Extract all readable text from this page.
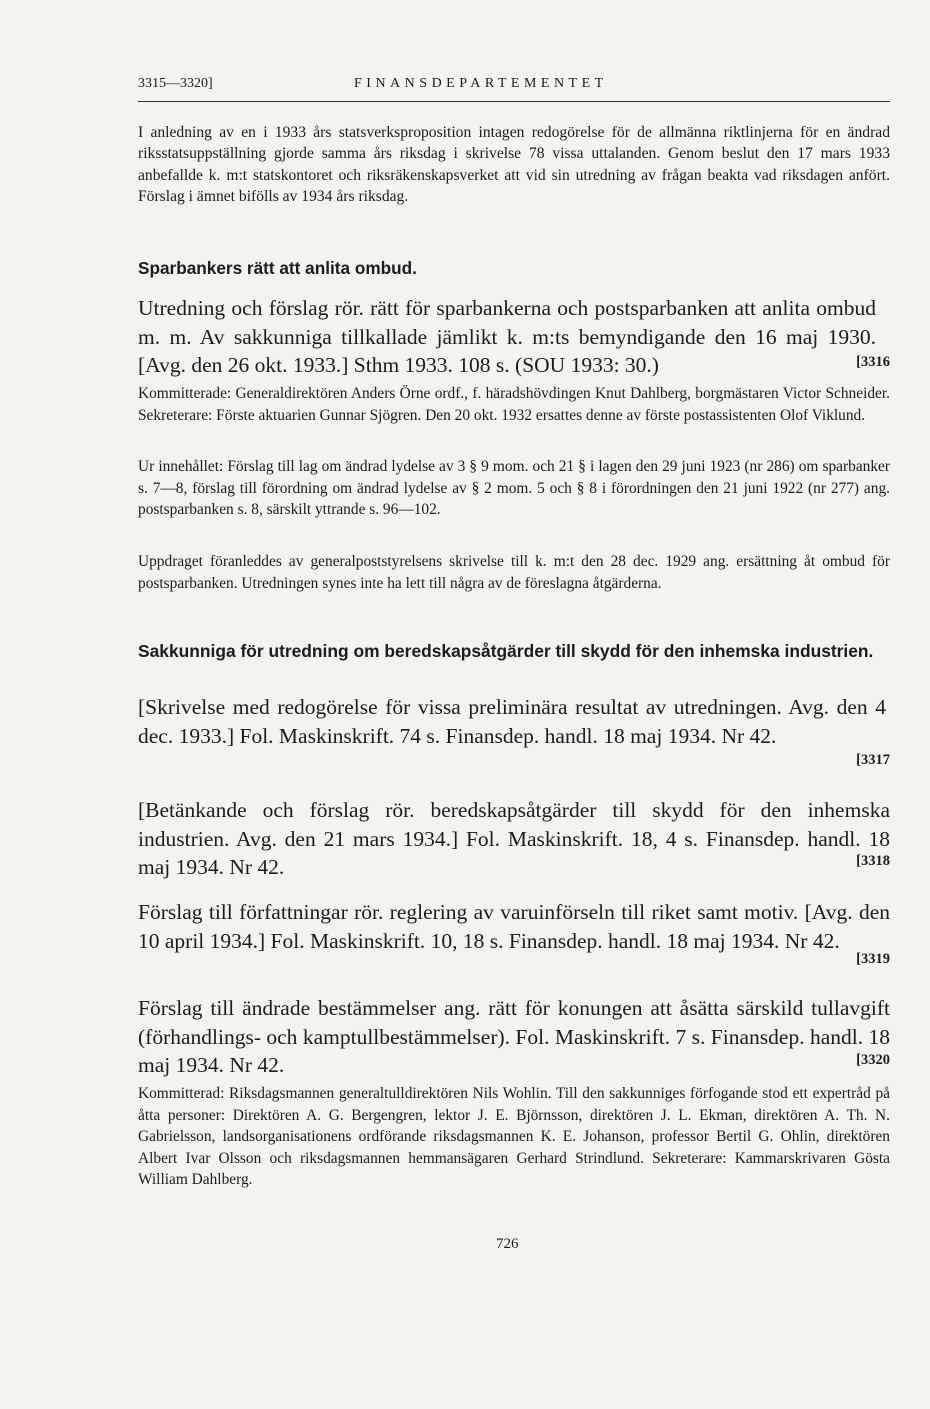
3315—3320]	FINANSDEPARTEMENTET

I anledning av en i 1933 års statsverksproposition intagen redogörelse för de allmänna riktlinjerna för en ändrad riksstatsuppställning gjorde samma års riksdag i skrivelse 78 vissa uttalanden. Genom beslut den 17 mars 1933 anbefallde k. m:t statskontoret och riksräkenskapsverket att vid sin utredning av frågan beakta vad riksdagen anfört. Förslag i ämnet bifölls av 1934 års riksdag.

Sparbankers rätt att anlita ombud.

Utredning och förslag rör. rätt för sparbankerna och postsparbanken att anlita ombud m. m. Av sakkunniga tillkallade jämlikt k. m:ts bemyndigande den 16 maj 1930. [Avg. den 26 okt. 1933.] Sthm 1933. 108 s. (SOU 1933: 30.)	[3316

Kommitterade: Generaldirektören Anders Örne ordf., f. häradshövdingen Knut Dahlberg, borgmästaren Victor Schneider. Sekreterare: Förste aktuarien Gunnar Sjögren. Den 20 okt. 1932 ersattes denne av förste postassistenten Olof Viklund.

Ur innehållet: Förslag till lag om ändrad lydelse av 3 § 9 mom. och 21 § i lagen den 29 juni 1923 (nr 286) om sparbanker s. 7—8, förslag till förordning om ändrad lydelse av § 2 mom. 5 och § 8 i förordningen den 21 juni 1922 (nr 277) ang. postsparbanken s. 8, särskilt yttrande s. 96—102.

Uppdraget föranleddes av generalpoststyrelsens skrivelse till k. m:t den 28 dec. 1929 ang. ersättning åt ombud för postsparbanken. Utredningen synes inte ha lett till några av de föreslagna åtgärderna.

Sakkunniga för utredning om beredskapsåtgärder till skydd för den inhemska industrien.

[Skrivelse med redogörelse för vissa preliminära resultat av utredningen. Avg. den 4 dec. 1933.] Fol. Maskinskrift. 74 s. Finansdep. handl. 18 maj 1934. Nr 42.

[3317

[Betänkande och förslag rör. beredskapsåtgärder till skydd för den inhemska industrien. Avg. den 21 mars 1934.] Fol. Maskinskrift. 18, 4 s. Finansdep. handl. 18 maj 1934. Nr 42.	[3318

Förslag till författningar rör. reglering av varuinförseln till riket samt motiv. [Avg. den 10 april 1934.] Fol. Maskinskrift. 10, 18 s. Finansdep. handl. 18 maj 1934. Nr 42.

[3319

Förslag till ändrade bestämmelser ang. rätt för konungen att åsätta särskild tullavgift (förhandlings- och kamptullbestämmelser). Fol. Maskinskrift. 7 s. Finansdep. handl. 18 maj 1934. Nr 42.	[3320

Kommitterad: Riksdagsmannen generaltulldirektören Nils Wohlin. Till den sakkunniges förfogande stod ett expertråd på åtta personer: Direktören A. G. Bergengren, lektor J. E. Björnsson, direktören J. L. Ekman, direktören A. Th. N. Gabrielsson, landsorganisationens ordförande riksdagsmannen K. E. Johanson, professor Bertil G. Ohlin, direktören Albert Ivar Olsson och riksdagsmannen hemmansägaren Gerhard Strindlund. Sekreterare: Kammarskrivaren Gösta William Dahlberg.

726
